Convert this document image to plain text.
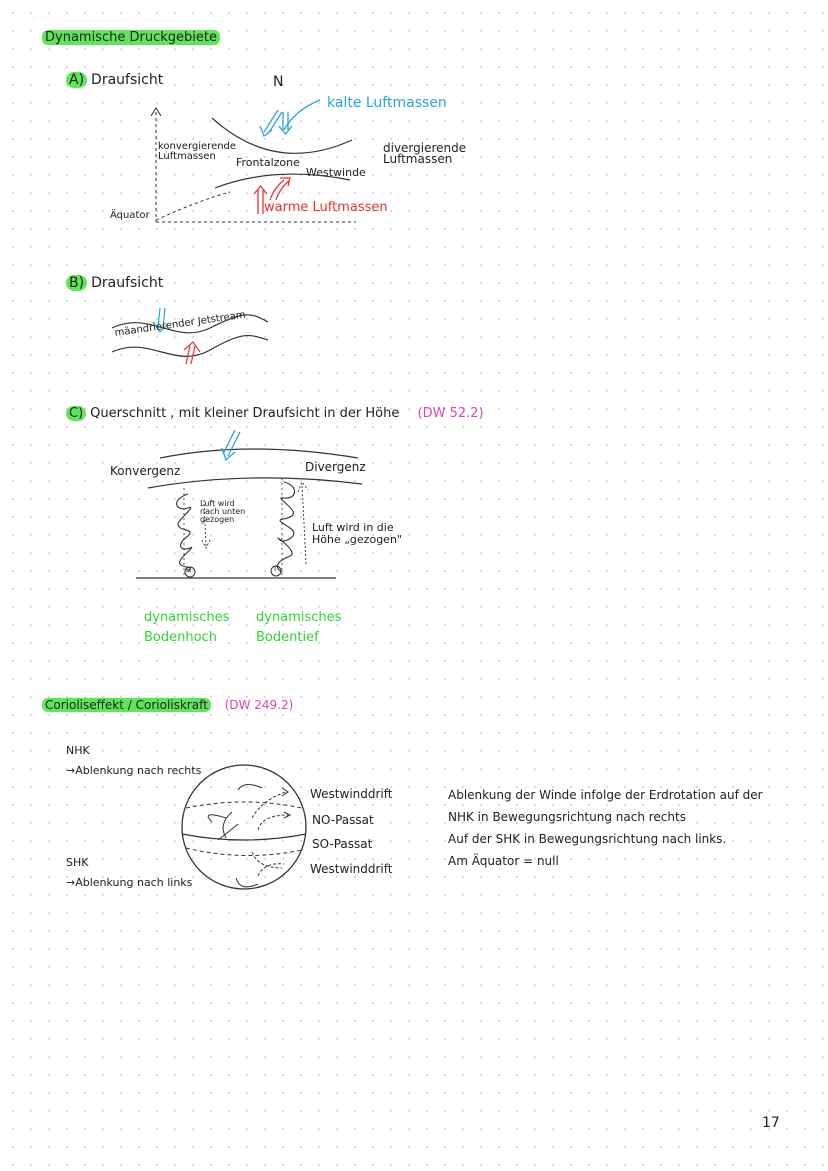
Dynamische Druckgebiete
A) Draufsicht	N
kalte Luftmassen
konvergierende
Luftmassen	Frontalzone
Westwinde
divergierende
Luftmassen
warme Luftmassen
Äquator
B) Draufsicht
mäandrierender Jetstream
C) Querschnitt , mit kleiner Draufsicht in der Höhe (DW 52.2)
Konvergenz	Divergenz
Luft wird
nach unten
gezogen
Luft wird in die
Höhe „gezogen"
H	T
dynamisches
Bodenhoch
dynamisches
Bodentief
Corioliseffekt / Corioliskraft (DW 249.2)
NHK
→Ablenkung nach rechts
SHK
→Ablenkung nach links
Westwinddrift
NO-Passat
SO-Passat
Westwinddrift
Ablenkung der Winde infolge der Erdrotation auf der
NHK in Bewegungsrichtung nach rechts
Auf der SHK in Bewegungsrichtung nach links.
Am Äquator = null
17
